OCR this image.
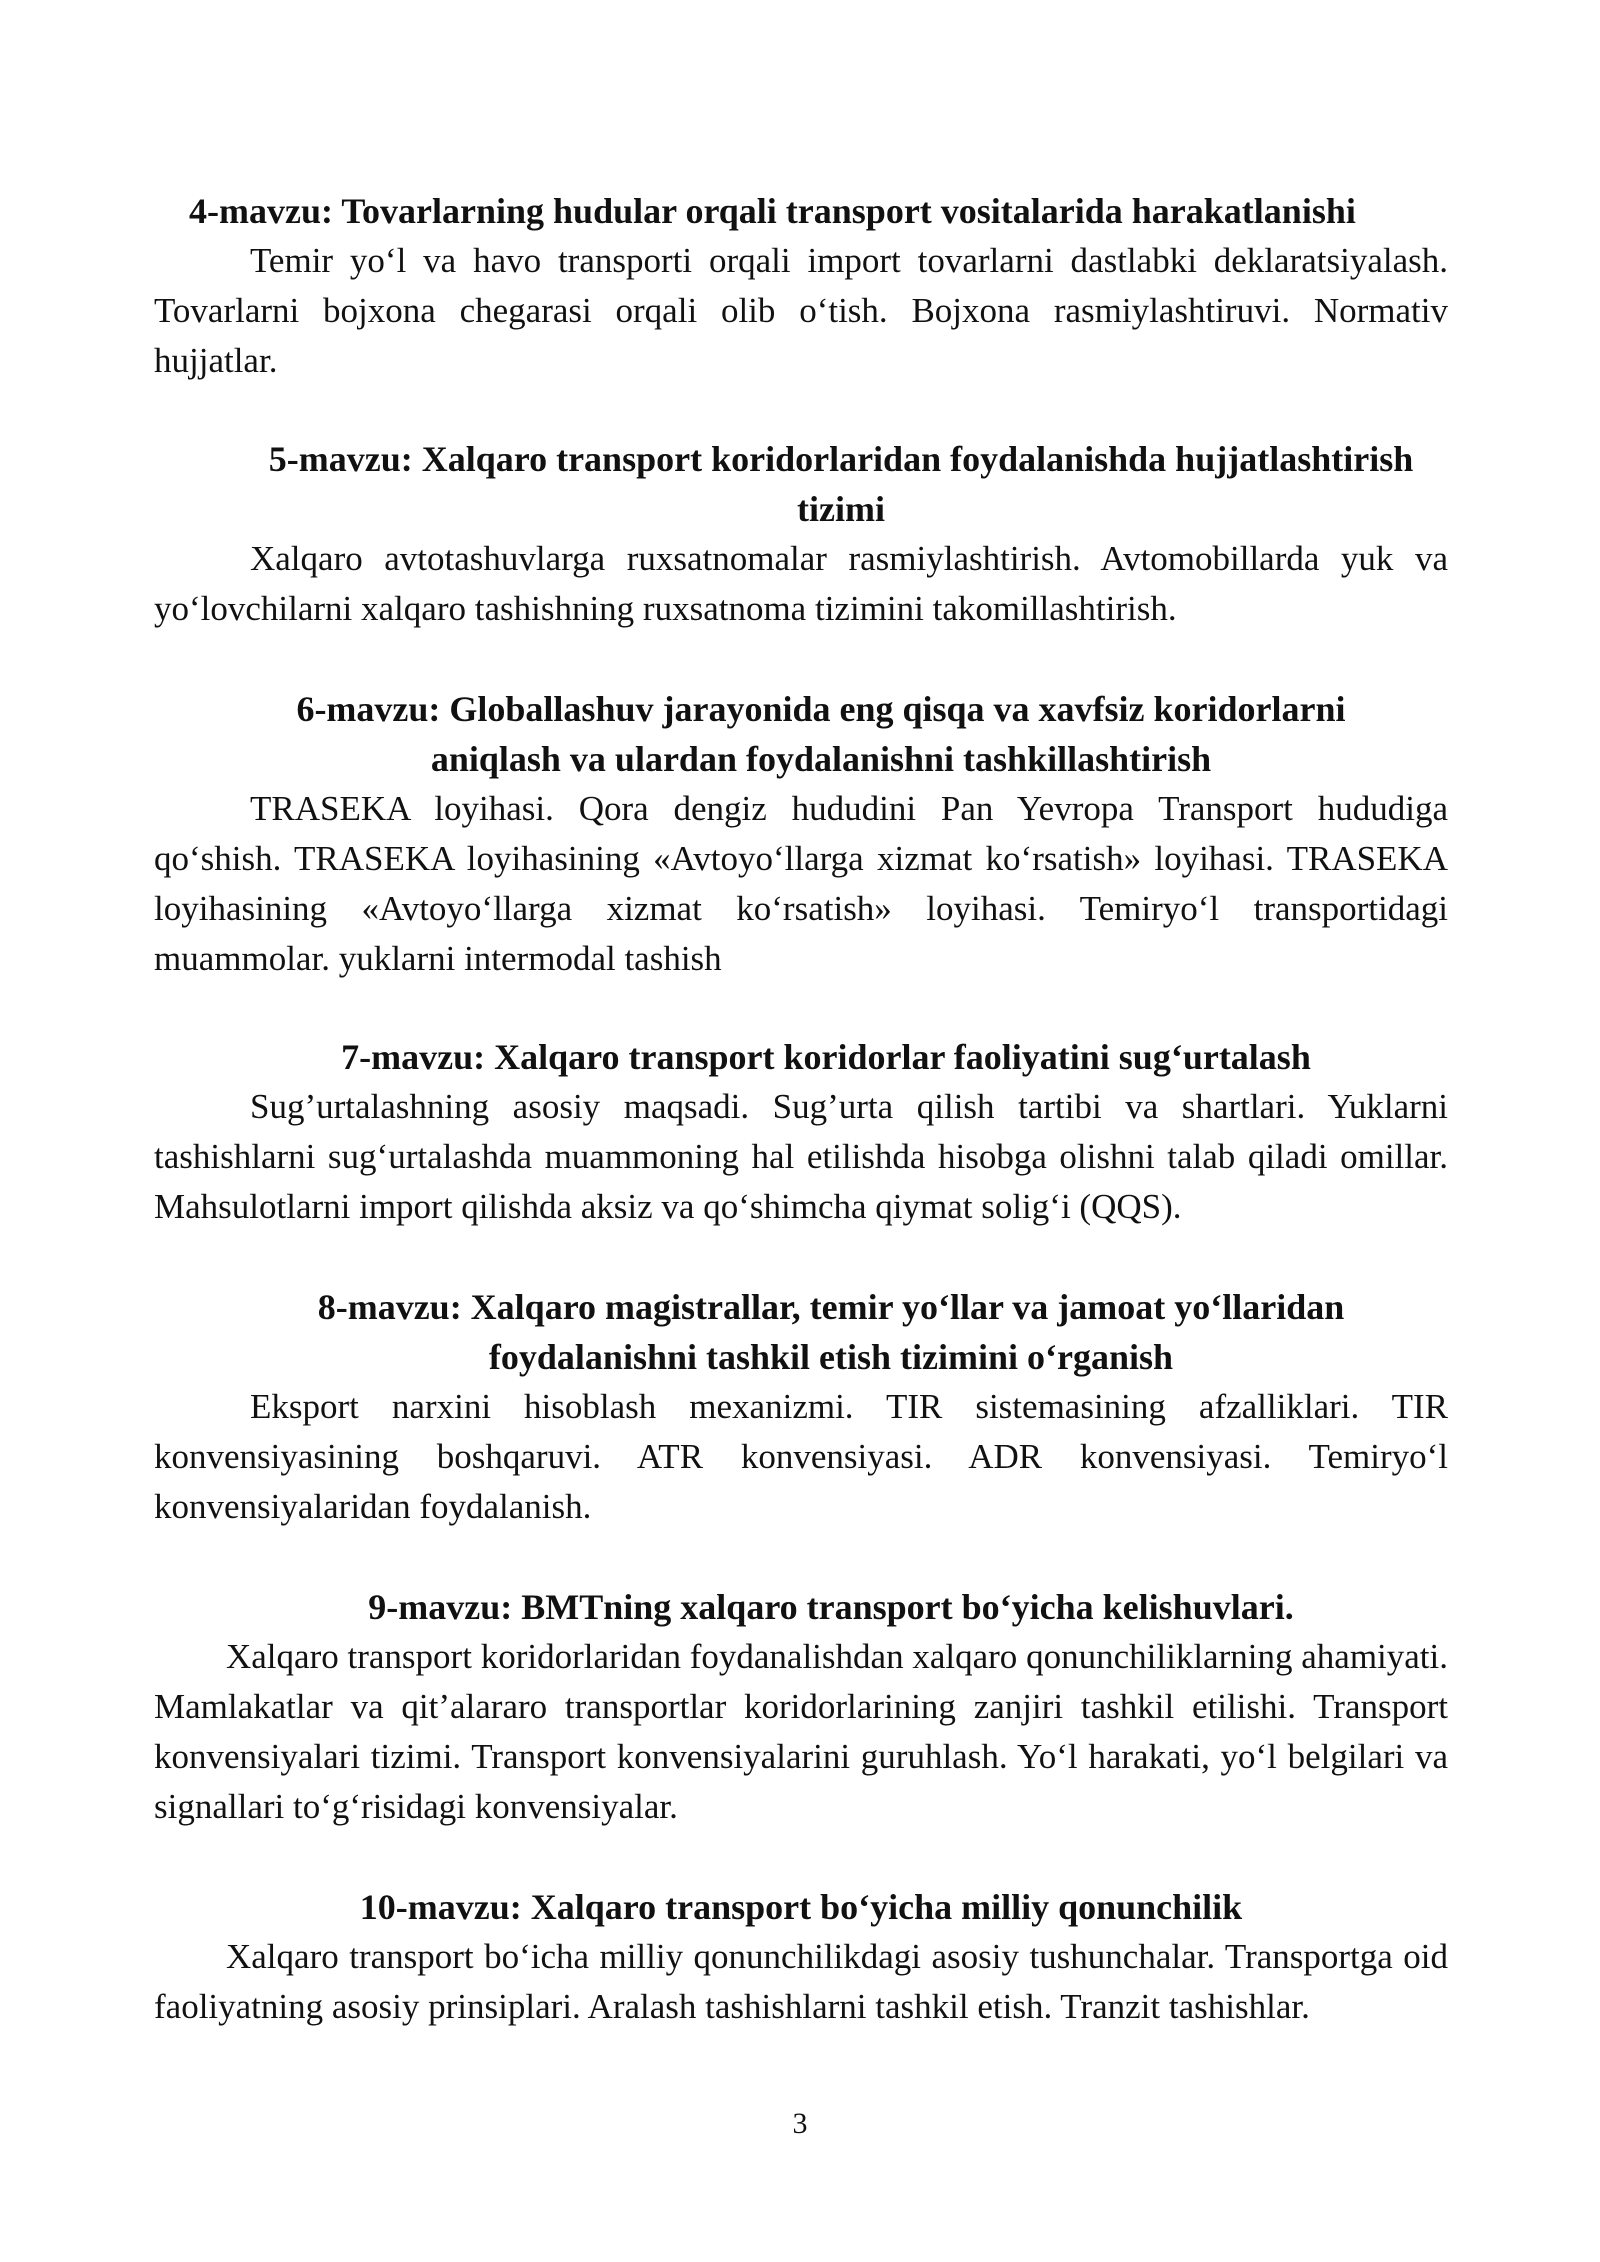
4-mavzu: Tovarlarning hudular orqali transport vositalarida harakatlanishi

Temir yo‘l va havo transporti orqali import tovarlarni dastlabki deklaratsiyalash. Tovarlarni bojxona chegarasi orqali olib o‘tish. Bojxona rasmiylashtiruvi. Normativ hujjatlar.

5-mavzu: Xalqaro transport koridorlaridan foydalanishda hujjatlashtirish tizimi

Xalqaro avtotashuvlarga ruxsatnomalar rasmiylashtirish. Avtomobillarda yuk va yo‘lovchilarni xalqaro tashishning ruxsatnoma tizimini takomillashtirish.

6-mavzu: Globallashuv jarayonida eng qisqa va xavfsiz koridorlarni aniqlash va ulardan foydalanishni tashkillashtirish

TRASEKA loyihasi. Qora dengiz hududini Pan Yevropa Transport hududiga qo‘shish. TRASEKA loyihasining «Avtoyo‘llarga xizmat ko‘rsatish» loyihasi. TRASEKA loyihasining «Avtoyo‘llarga xizmat ko‘rsatish» loyihasi. Temiryo‘l transportidagi muammolar. yuklarni intermodal tashish

7-mavzu: Xalqaro transport koridorlar faoliyatini sug‘urtalash

Sug’urtalashning asosiy maqsadi. Sug’urta qilish tartibi va shartlari. Yuklarni tashishlarni sug‘urtalashda muammoning hal etilishda hisobga olishni talab qiladi omillar. Mahsulotlarni import qilishda aksiz va qo‘shimcha qiymat solig‘i (QQS).

8-mavzu: Xalqaro magistrallar, temir yo‘llar va jamoat yo‘llaridan foydalanishni tashkil etish tizimini o‘rganish

Eksport narxini hisoblash mexanizmi. TIR sistemasining afzalliklari. TIR konvensiyasining boshqaruvi. ATR konvensiyasi. ADR konvensiyasi. Temiryo‘l konvensiyalaridan foydalanish.

9-mavzu: BMTning xalqaro transport bo‘yicha kelishuvlari.

Xalqaro transport koridorlaridan foydanalishdan xalqaro qonunchiliklarning ahamiyati. Mamlakatlar va qit’alararo transportlar koridorlarining zanjiri tashkil etilishi. Transport konvensiyalari tizimi. Transport konvensiyalarini guruhlash. Yo‘l harakati, yo‘l belgilari va signallari to‘g‘risidagi konvensiyalar.

10-mavzu: Xalqaro transport bo‘yicha milliy qonunchilik

Xalqaro transport bo‘icha milliy qonunchilikdagi asosiy tushunchalar. Transportga oid faoliyatning asosiy prinsiplari. Aralash tashishlarni tashkil etish. Tranzit tashishlar.

3
